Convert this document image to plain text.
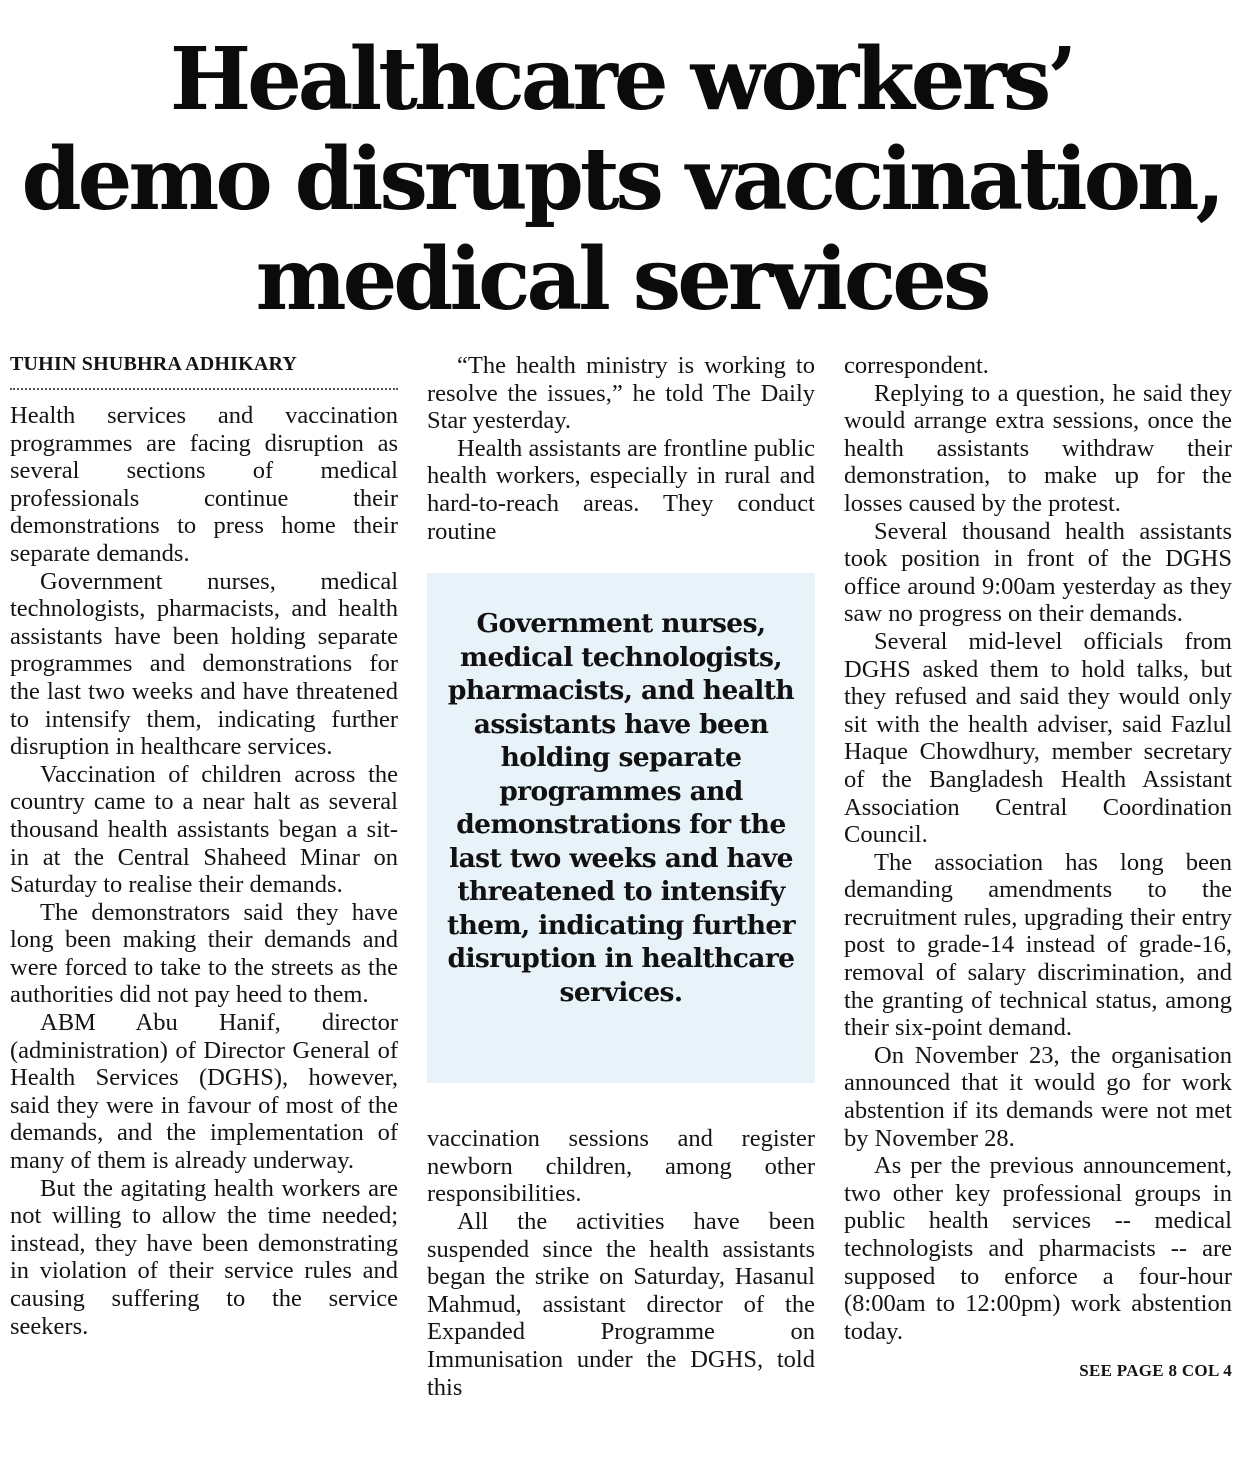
Healthcare workers’
demo disrupts vaccination,
medical services
TUHIN SHUBHRA ADHIKARY

Health services and vaccination programmes are facing disruption as several sections of medical professionals continue their demonstrations to press home their separate demands.

Government nurses, medical technologists, pharmacists, and health assistants have been holding separate programmes and demonstrations for the last two weeks and have threatened to intensify them, indicating further disruption in healthcare services.

Vaccination of children across the country came to a near halt as several thousand health assistants began a sit-in at the Central Shaheed Minar on Saturday to realise their demands.

The demonstrators said they have long been making their demands and were forced to take to the streets as the authorities did not pay heed to them.

ABM Abu Hanif, director (administration) of Director General of Health Services (DGHS), however, said they were in favour of most of the demands, and the implementation of many of them is already underway.

But the agitating health workers are not willing to allow the time needed; instead, they have been demonstrating in violation of their service rules and causing suffering to the service seekers.

“The health ministry is working to resolve the issues,” he told The Daily Star yesterday.

Health assistants are frontline public health workers, especially in rural and hard-to-reach areas. They conduct routine

Government nurses, medical technologists, pharmacists, and health assistants have been holding separate programmes and demonstrations for the last two weeks and have threatened to intensify them, indicating further disruption in healthcare services.

vaccination sessions and register newborn children, among other responsibilities.

All the activities have been suspended since the health assistants began the strike on Saturday, Hasanul Mahmud, assistant director of the Expanded Programme on Immunisation under the DGHS, told this

correspondent.

Replying to a question, he said they would arrange extra sessions, once the health assistants withdraw their demonstration, to make up for the losses caused by the protest.

Several thousand health assistants took position in front of the DGHS office around 9:00am yesterday as they saw no progress on their demands.

Several mid-level officials from DGHS asked them to hold talks, but they refused and said they would only sit with the health adviser, said Fazlul Haque Chowdhury, member secretary of the Bangladesh Health Assistant Association Central Coordination Council.

The association has long been demanding amendments to the recruitment rules, upgrading their entry post to grade-14 instead of grade-16, removal of salary discrimination, and the granting of technical status, among their six-point demand.

On November 23, the organisation announced that it would go for work abstention if its demands were not met by November 28.

As per the previous announcement, two other key professional groups in public health services -- medical technologists and pharmacists -- are supposed to enforce a four-hour (8:00am to 12:00pm) work abstention today.

SEE PAGE 8 COL 4
